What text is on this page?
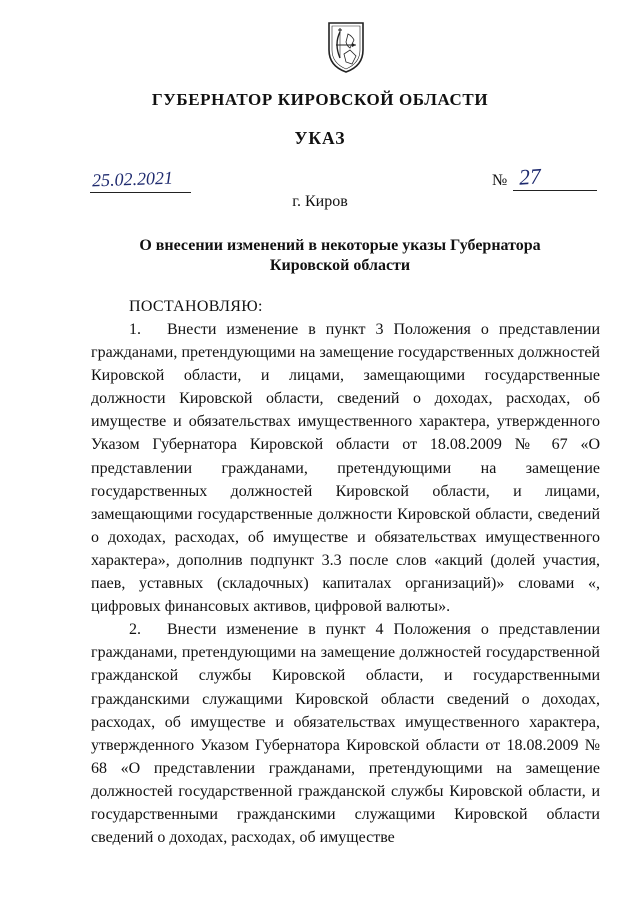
ГУБЕРНАТОР КИРОВСКОЙ ОБЛАСТИ
УКАЗ
25.02.2021	№ 27
г. Киров
О внесении изменений в некоторые указы Губернатора Кировской области
ПОСТАНОВЛЯЮ:

1. Внести изменение в пункт 3 Положения о представлении гражданами, претендующими на замещение государственных должностей Кировской области, и лицами, замещающими государственные должности Кировской области, сведений о доходах, расходах, об имуществе и обязательствах имущественного характера, утвержденного Указом Губернатора Кировской области от 18.08.2009 № 67 «О представлении гражданами, претендующими на замещение государственных должностей Кировской области, и лицами, замещающими государственные должности Кировской области, сведений о доходах, расходах, об имуществе и обязательствах имущественного характера», дополнив подпункт 3.3 после слов «акций (долей участия, паев, уставных (складочных) капиталах организаций)» словами «, цифровых финансовых активов, цифровой валюты».

2. Внести изменение в пункт 4 Положения о представлении гражданами, претендующими на замещение должностей государственной гражданской службы Кировской области, и государственными гражданскими служащими Кировской области сведений о доходах, расходах, об имуществе и обязательствах имущественного характера, утвержденного Указом Губернатора Кировской области от 18.08.2009 № 68 «О представлении гражданами, претендующими на замещение должностей государственной гражданской службы Кировской области, и государственными гражданскими служащими Кировской области сведений о доходах, расходах, об имуществе
